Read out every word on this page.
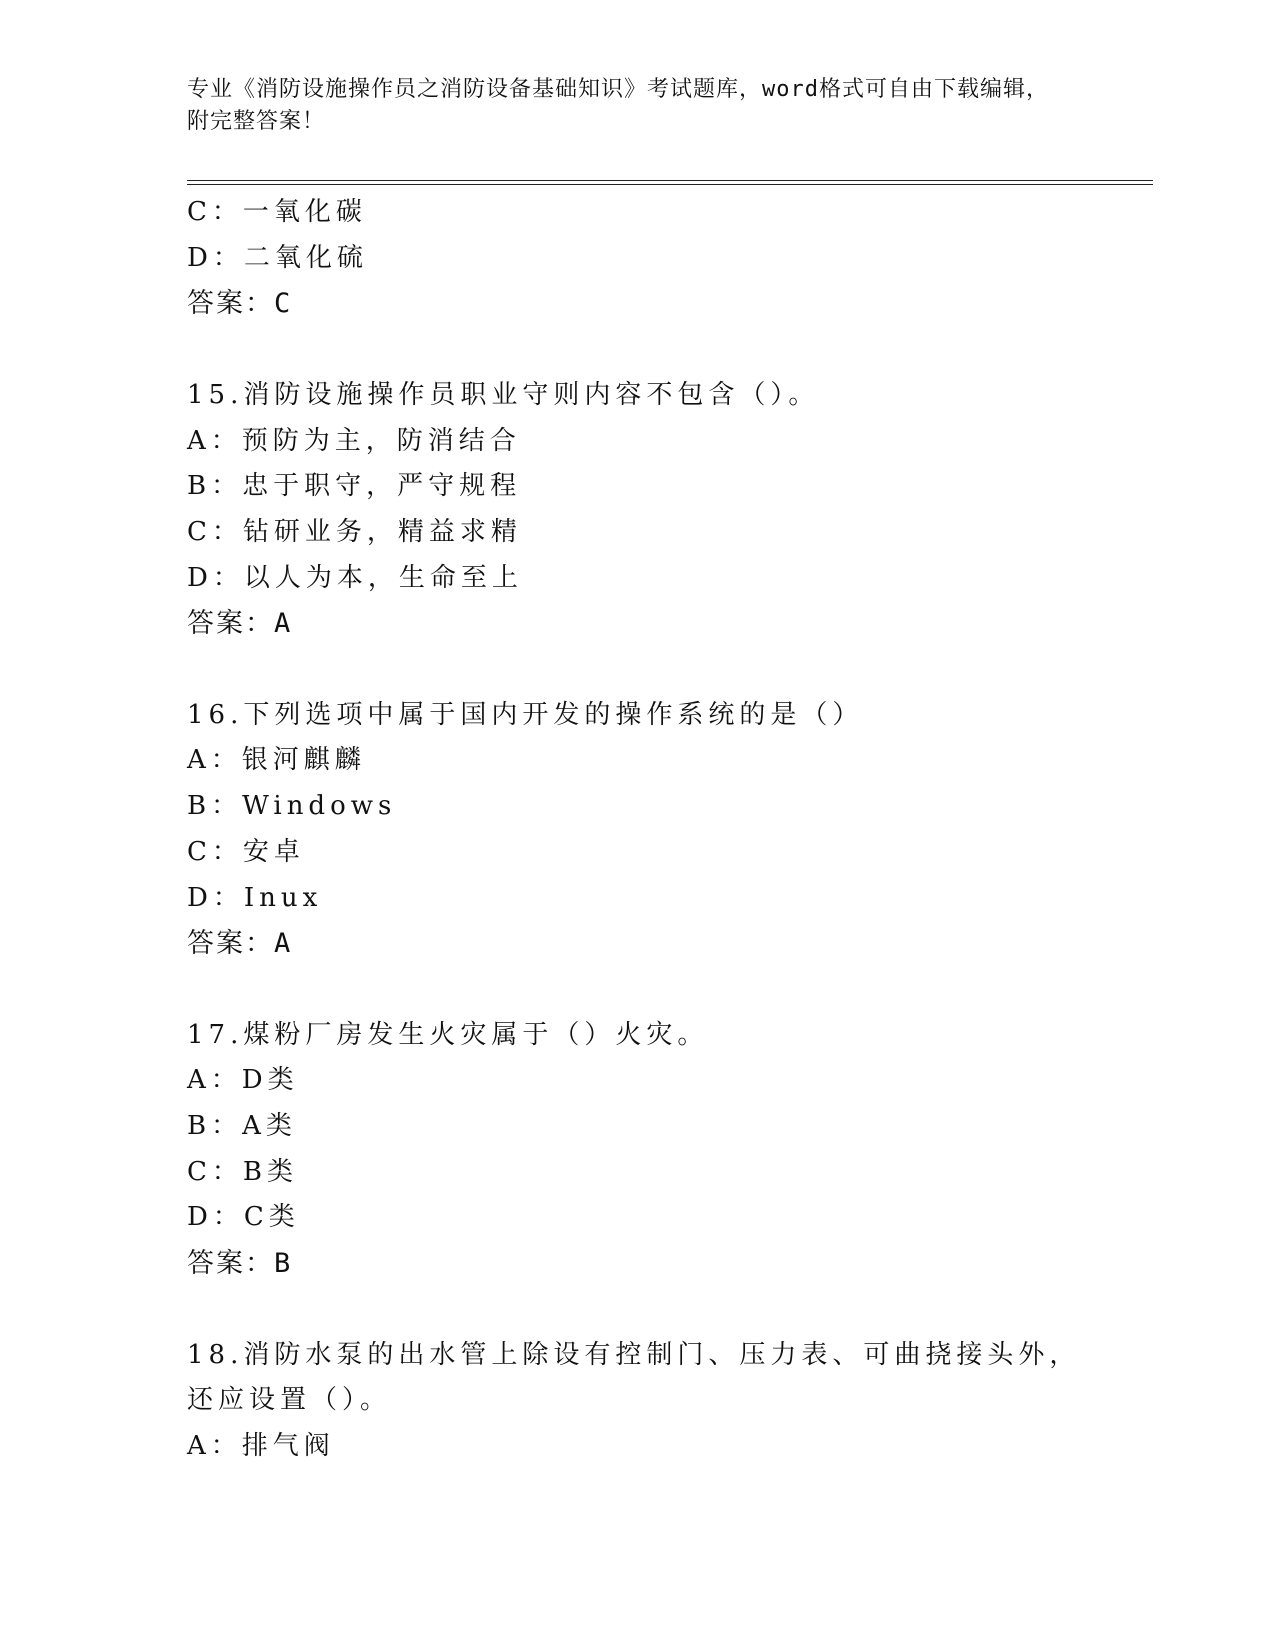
专业《消防设施操作员之消防设备基础知识》考试题库，word格式可自由下载编辑，附完整答案！
C：一氧化碳
D：二氧化硫
答案：C
15.消防设施操作员职业守则内容不包含（）。
A：预防为主，防消结合
B：忠于职守，严守规程
C：钻研业务，精益求精
D：以人为本，生命至上
答案：A
16.下列选项中属于国内开发的操作系统的是（）
A：银河麒麟
B：Windows
C：安卓
D：Inux
答案：A
17.煤粉厂房发生火灾属于（）火灾。
A：D类
B：A类
C：B类
D：C类
答案：B
18.消防水泵的出水管上除设有控制门、压力表、可曲挠接头外，还应设置（）。
A：排气阀
